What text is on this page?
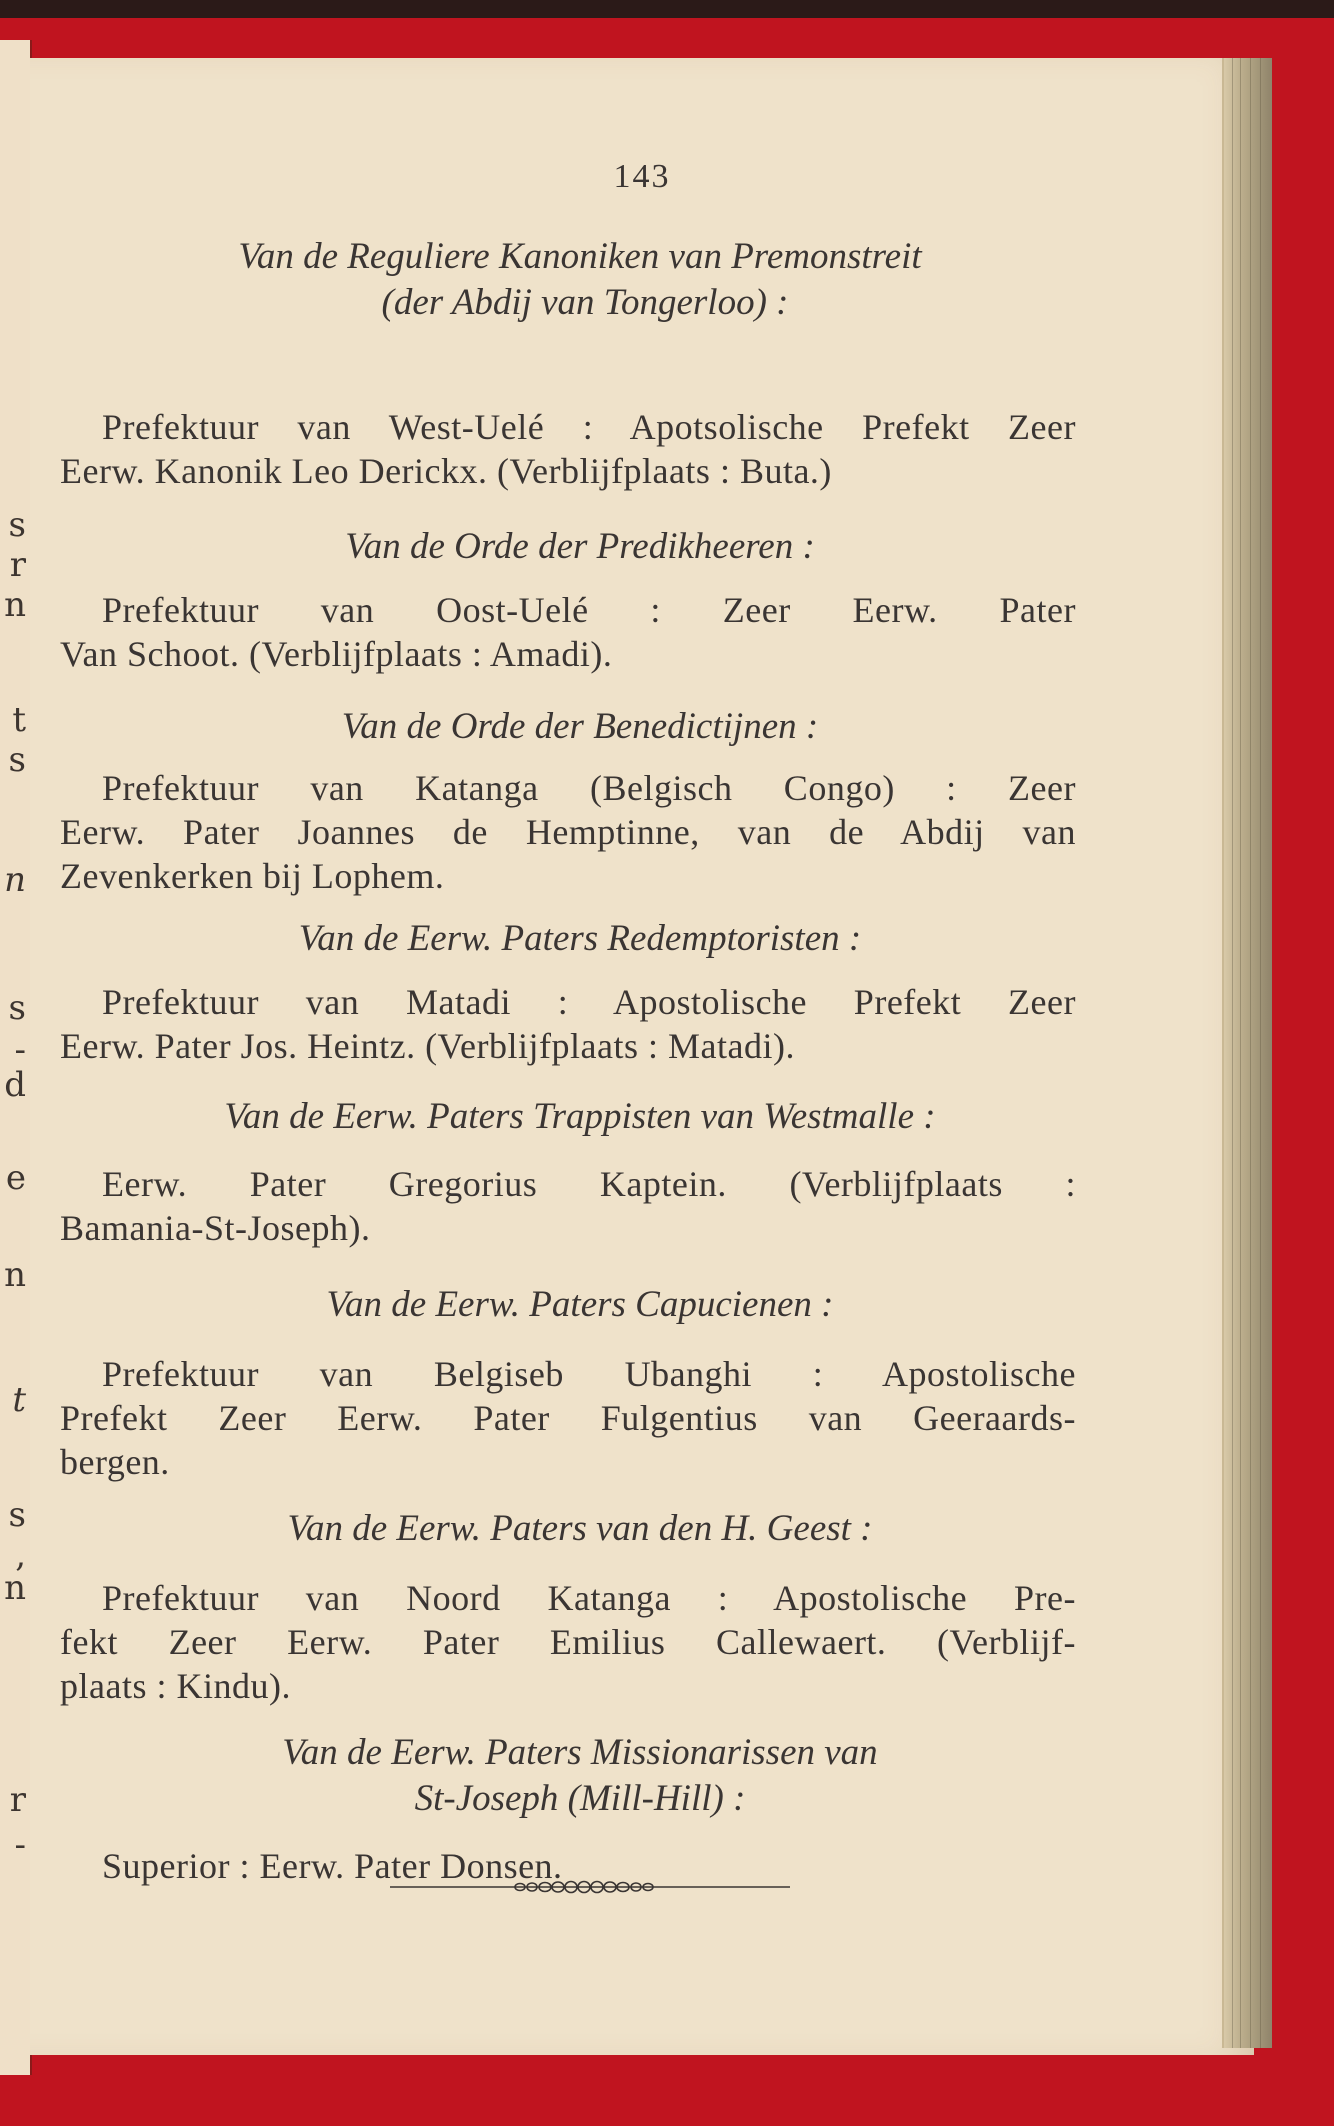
s
r
n
t
s
n
s
-
d
e
n
t
s
,
n
r
-
143
Van de Reguliere Kanoniken van Premonstreit
(der Abdij van Tongerloo) :
Prefektuur van West-Uelé : Apotsolische Prefekt Zeer
Eerw. Kanonik Leo Derickx. (Verblijfplaats : Buta.)
Van de Orde der Predikheeren :
Prefektuur van Oost-Uelé : Zeer Eerw. Pater
Van Schoot. (Verblijfplaats : Amadi).
Van de Orde der Benedictijnen :
Prefektuur van Katanga (Belgisch Congo) : Zeer
Eerw. Pater Joannes de Hemptinne, van de Abdij van
Zevenkerken bij Lophem.
Van de Eerw. Paters Redemptoristen :
Prefektuur van Matadi : Apostolische Prefekt Zeer
Eerw. Pater Jos. Heintz. (Verblijfplaats : Matadi).
Van de Eerw. Paters Trappisten van Westmalle :
Eerw. Pater Gregorius Kaptein. (Verblijfplaats :
Bamania-St-Joseph).
Van de Eerw. Paters Capucienen :
Prefektuur van Belgiseb Ubanghi : Apostolische
Prefekt Zeer Eerw. Pater Fulgentius van Geeraards-
bergen.
Van de Eerw. Paters van den H. Geest :
Prefektuur van Noord Katanga : Apostolische Pre-
fekt Zeer Eerw. Pater Emilius Callewaert. (Verblijf-
plaats : Kindu).
Van de Eerw. Paters Missionarissen van
St-Joseph (Mill-Hill) :
Superior : Eerw. Pater Donsen.
